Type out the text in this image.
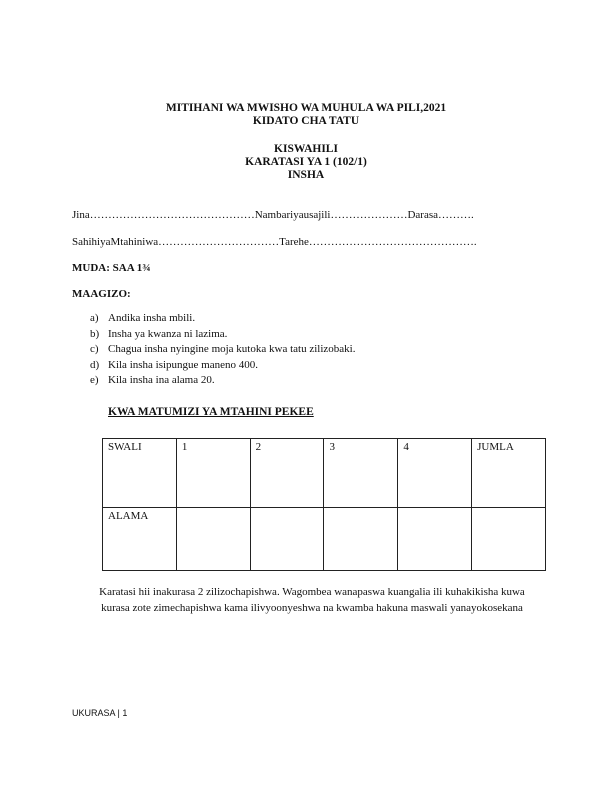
MITIHANI WA MWISHO WA MUHULA WA PILI,2021
KIDATO CHA TATU
KISWAHILI
KARATASI YA 1 (102/1)
INSHA
Jina………………………………………Nambariyausajili…………………Darasa……….
SahihiyaMtahiniwa……………………………Tarehe……………………………………….
MUDA: SAA 1¾
MAAGIZO:
a) Andika insha mbili.
b) Insha ya kwanza ni lazima.
c) Chagua insha nyingine moja kutoka kwa tatu zilizobaki.
d) Kila insha isipungue maneno 400.
e) Kila insha ina alama 20.
KWA MATUMIZI YA MTAHINI PEKEE
SWALI	1	2	3	4	JUMLA
ALAMA					
Karatasi hii inakurasa 2 zilizochapishwa. Wagombea wanapaswa kuangalia ili kuhakikisha kuwa kurasa zote zimechapishwa kama ilivyoonyeshwa na kwamba hakuna maswali yanayokosekana
UKURASA | 1
